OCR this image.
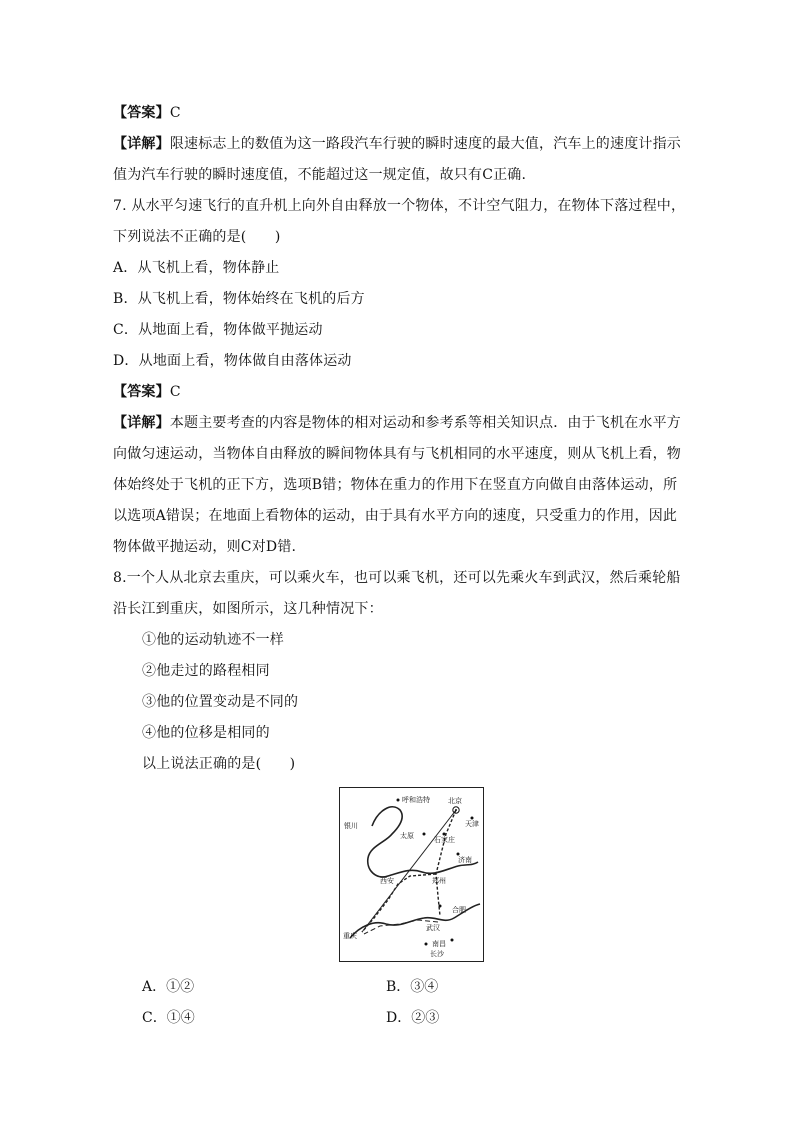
【答案】C
【详解】限速标志上的数值为这一路段汽车行驶的瞬时速度的最大值，汽车上的速度计指示
值为汽车行驶的瞬时速度值，不能超过这一规定值，故只有C正确.
7. 从水平匀速飞行的直升机上向外自由释放一个物体，不计空气阻力，在物体下落过程中，
下列说法不正确的是(　　)
A．从飞机上看，物体静止
B．从飞机上看，物体始终在飞机的后方
C．从地面上看，物体做平抛运动
D．从地面上看，物体做自由落体运动
【答案】C
【详解】本题主要考查的内容是物体的相对运动和参考系等相关知识点．由于飞机在水平方
向做匀速运动，当物体自由释放的瞬间物体具有与飞机相同的水平速度，则从飞机上看，物
体始终处于飞机的正下方，选项B错；物体在重力的作用下在竖直方向做自由落体运动，所
以选项A错误；在地面上看物体的运动，由于具有水平方向的速度，只受重力的作用，因此
物体做平抛运动，则C对D错.
8.一个人从北京去重庆，可以乘火车，也可以乘飞机，还可以先乘火车到武汉，然后乘轮船
沿长江到重庆，如图所示，这几种情况下：
①他的运动轨迹不一样
②他走过的路程相同
③他的位置变动是不同的
④他的位移是相同的
以上说法正确的是(　　)
呼和浩特	北京
银川
太原
天津
石家庄
济南
西安	郑州
合肥
重庆
武汉
南昌
长沙
A．①②	B．③④
C．①④	D．②③
